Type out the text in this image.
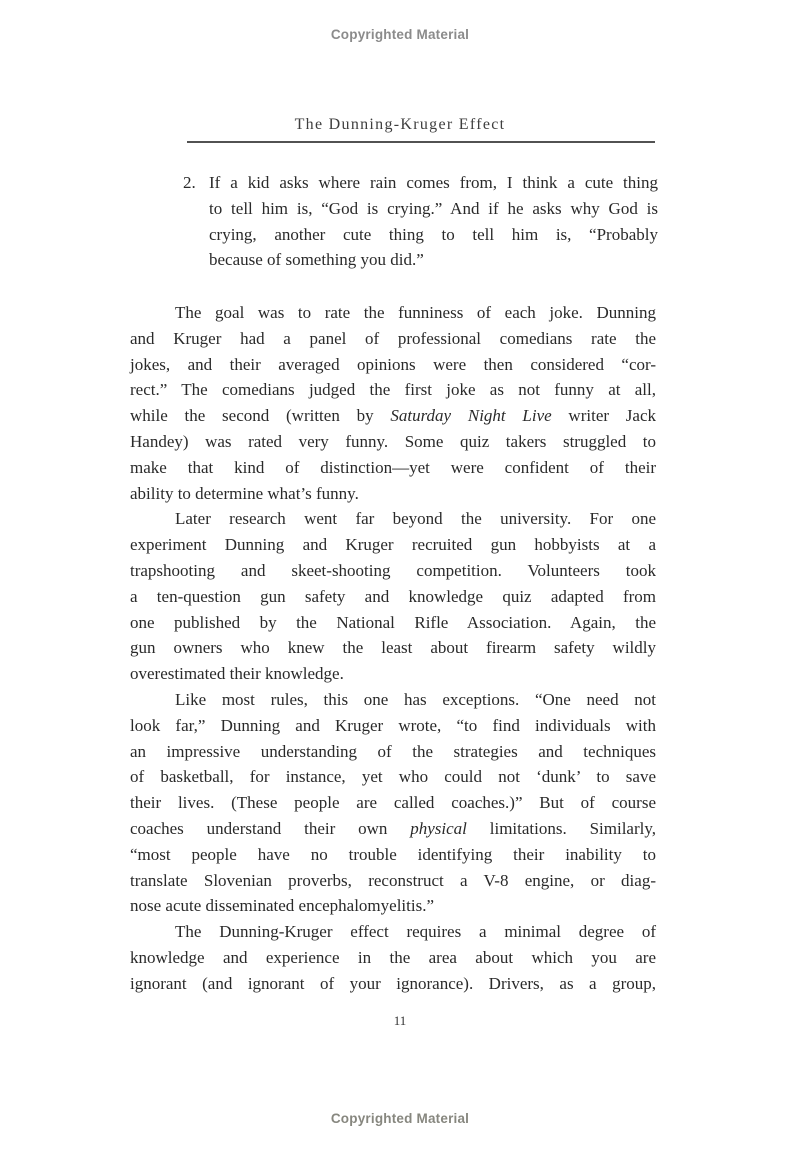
Copyrighted Material
The Dunning-Kruger Effect
2. If a kid asks where rain comes from, I think a cute thing
to tell him is, “God is crying.” And if he asks why God is
crying, another cute thing to tell him is, “Probably
because of something you did.”
The goal was to rate the funniness of each joke. Dunning
and Kruger had a panel of professional comedians rate the
jokes, and their averaged opinions were then considered “cor-
rect.” The comedians judged the first joke as not funny at all,
while the second (written by Saturday Night Live writer Jack
Handey) was rated very funny. Some quiz takers struggled to
make that kind of distinction—yet were confident of their
ability to determine what’s funny.
Later research went far beyond the university. For one
experiment Dunning and Kruger recruited gun hobbyists at a
trapshooting and skeet-shooting competition. Volunteers took
a ten-question gun safety and knowledge quiz adapted from
one published by the National Rifle Association. Again, the
gun owners who knew the least about firearm safety wildly
overestimated their knowledge.
Like most rules, this one has exceptions. “One need not
look far,” Dunning and Kruger wrote, “to find individuals with
an impressive understanding of the strategies and techniques
of basketball, for instance, yet who could not ‘dunk’ to save
their lives. (These people are called coaches.)” But of course
coaches understand their own physical limitations. Similarly,
“most people have no trouble identifying their inability to
translate Slovenian proverbs, reconstruct a V-8 engine, or diag-
nose acute disseminated encephalomyelitis.”
The Dunning-Kruger effect requires a minimal degree of
knowledge and experience in the area about which you are
ignorant (and ignorant of your ignorance). Drivers, as a group,
11
Copyrighted Material
